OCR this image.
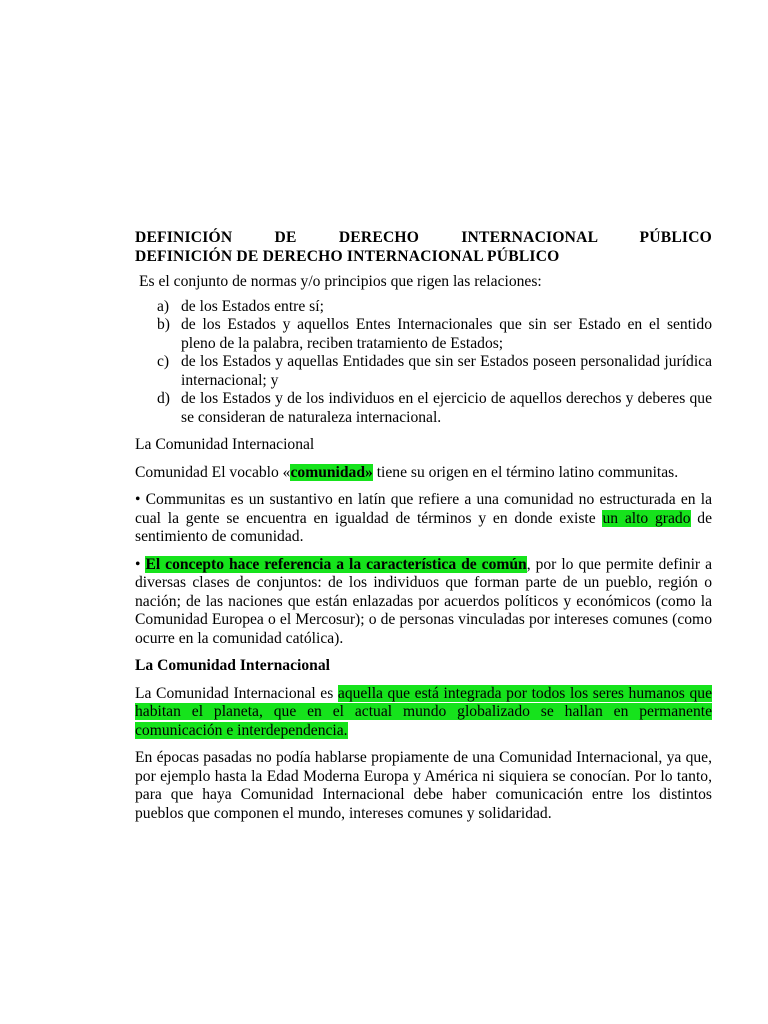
DEFINICIÓN DE DERECHO INTERNACIONAL PÚBLICO

DEFINICIÓN DE DERECHO INTERNACIONAL PÚBLICO

Es el conjunto de normas y/o principios que rigen las relaciones:

a) de los Estados entre sí;
b) de los Estados y aquellos Entes Internacionales que sin ser Estado en el sentido pleno de la palabra, reciben tratamiento de Estados;
c) de los Estados y aquellas Entidades que sin ser Estados poseen personalidad jurídica internacional; y
d) de los Estados y de los individuos en el ejercicio de aquellos derechos y deberes que se consideran de naturaleza internacional.

La Comunidad Internacional

Comunidad El vocablo «comunidad» tiene su origen en el término latino communitas.

• Communitas es un sustantivo en latín que refiere a una comunidad no estructurada en la cual la gente se encuentra en igualdad de términos y en donde existe un alto grado de sentimiento de comunidad.

• El concepto hace referencia a la característica de común, por lo que permite definir a diversas clases de conjuntos: de los individuos que forman parte de un pueblo, región o nación; de las naciones que están enlazadas por acuerdos políticos y económicos (como la Comunidad Europea o el Mercosur); o de personas vinculadas por intereses comunes (como ocurre en la comunidad católica).

La Comunidad Internacional

La Comunidad Internacional es aquella que está integrada por todos los seres humanos que habitan el planeta, que en el actual mundo globalizado se hallan en permanente comunicación e interdependencia.

En épocas pasadas no podía hablarse propiamente de una Comunidad Internacional, ya que, por ejemplo hasta la Edad Moderna Europa y América ni siquiera se conocían. Por lo tanto, para que haya Comunidad Internacional debe haber comunicación entre los distintos pueblos que componen el mundo, intereses comunes y solidaridad.
